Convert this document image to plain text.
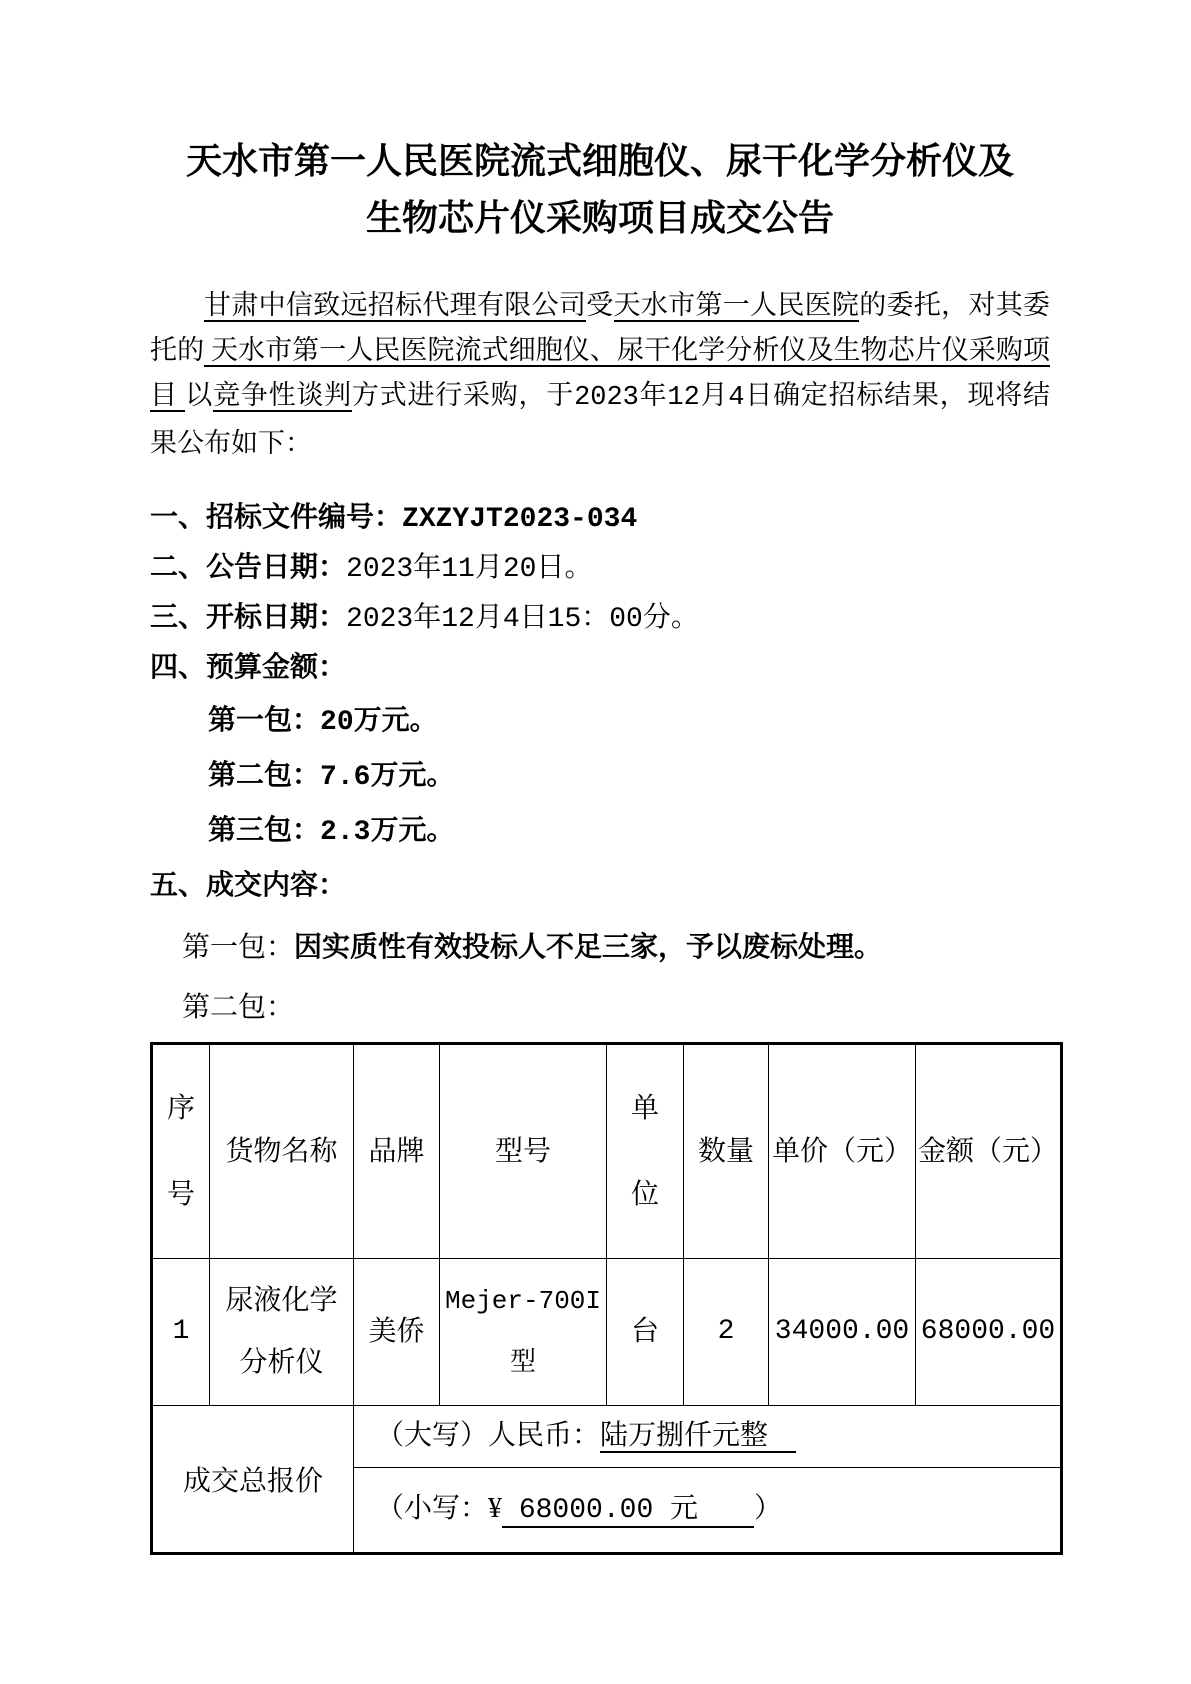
天水市第一人民医院流式细胞仪、尿干化学分析仪及
生物芯片仪采购项目成交公告

甘肃中信致远招标代理有限公司受天水市第一人民医院的委托，对其委托的 天水市第一人民医院流式细胞仪、尿干化学分析仪及生物芯片仪采购项目 以竞争性谈判方式进行采购，于2023年12月4日确定招标结果，现将结果公布如下：

一、招标文件编号：ZXZYJT2023-034
二、公告日期：2023年11月20日。
三、开标日期：2023年12月4日15：00分。
四、预算金额：
第一包：20万元。
第二包：7.6万元。
第三包：2.3万元。
五、成交内容：
第一包：因实质性有效投标人不足三家，予以废标处理。
第二包：
序号	货物名称	品牌	型号	单位	数量	单价（元）	金额（元）
1	尿液化学分析仪	美侨	Mejer-700I型	台	2	34000.00	68000.00
成交总报价		（大写）人民币：陆万捌仟元整　					
		（小写：¥ 68000.00 元　　）					
